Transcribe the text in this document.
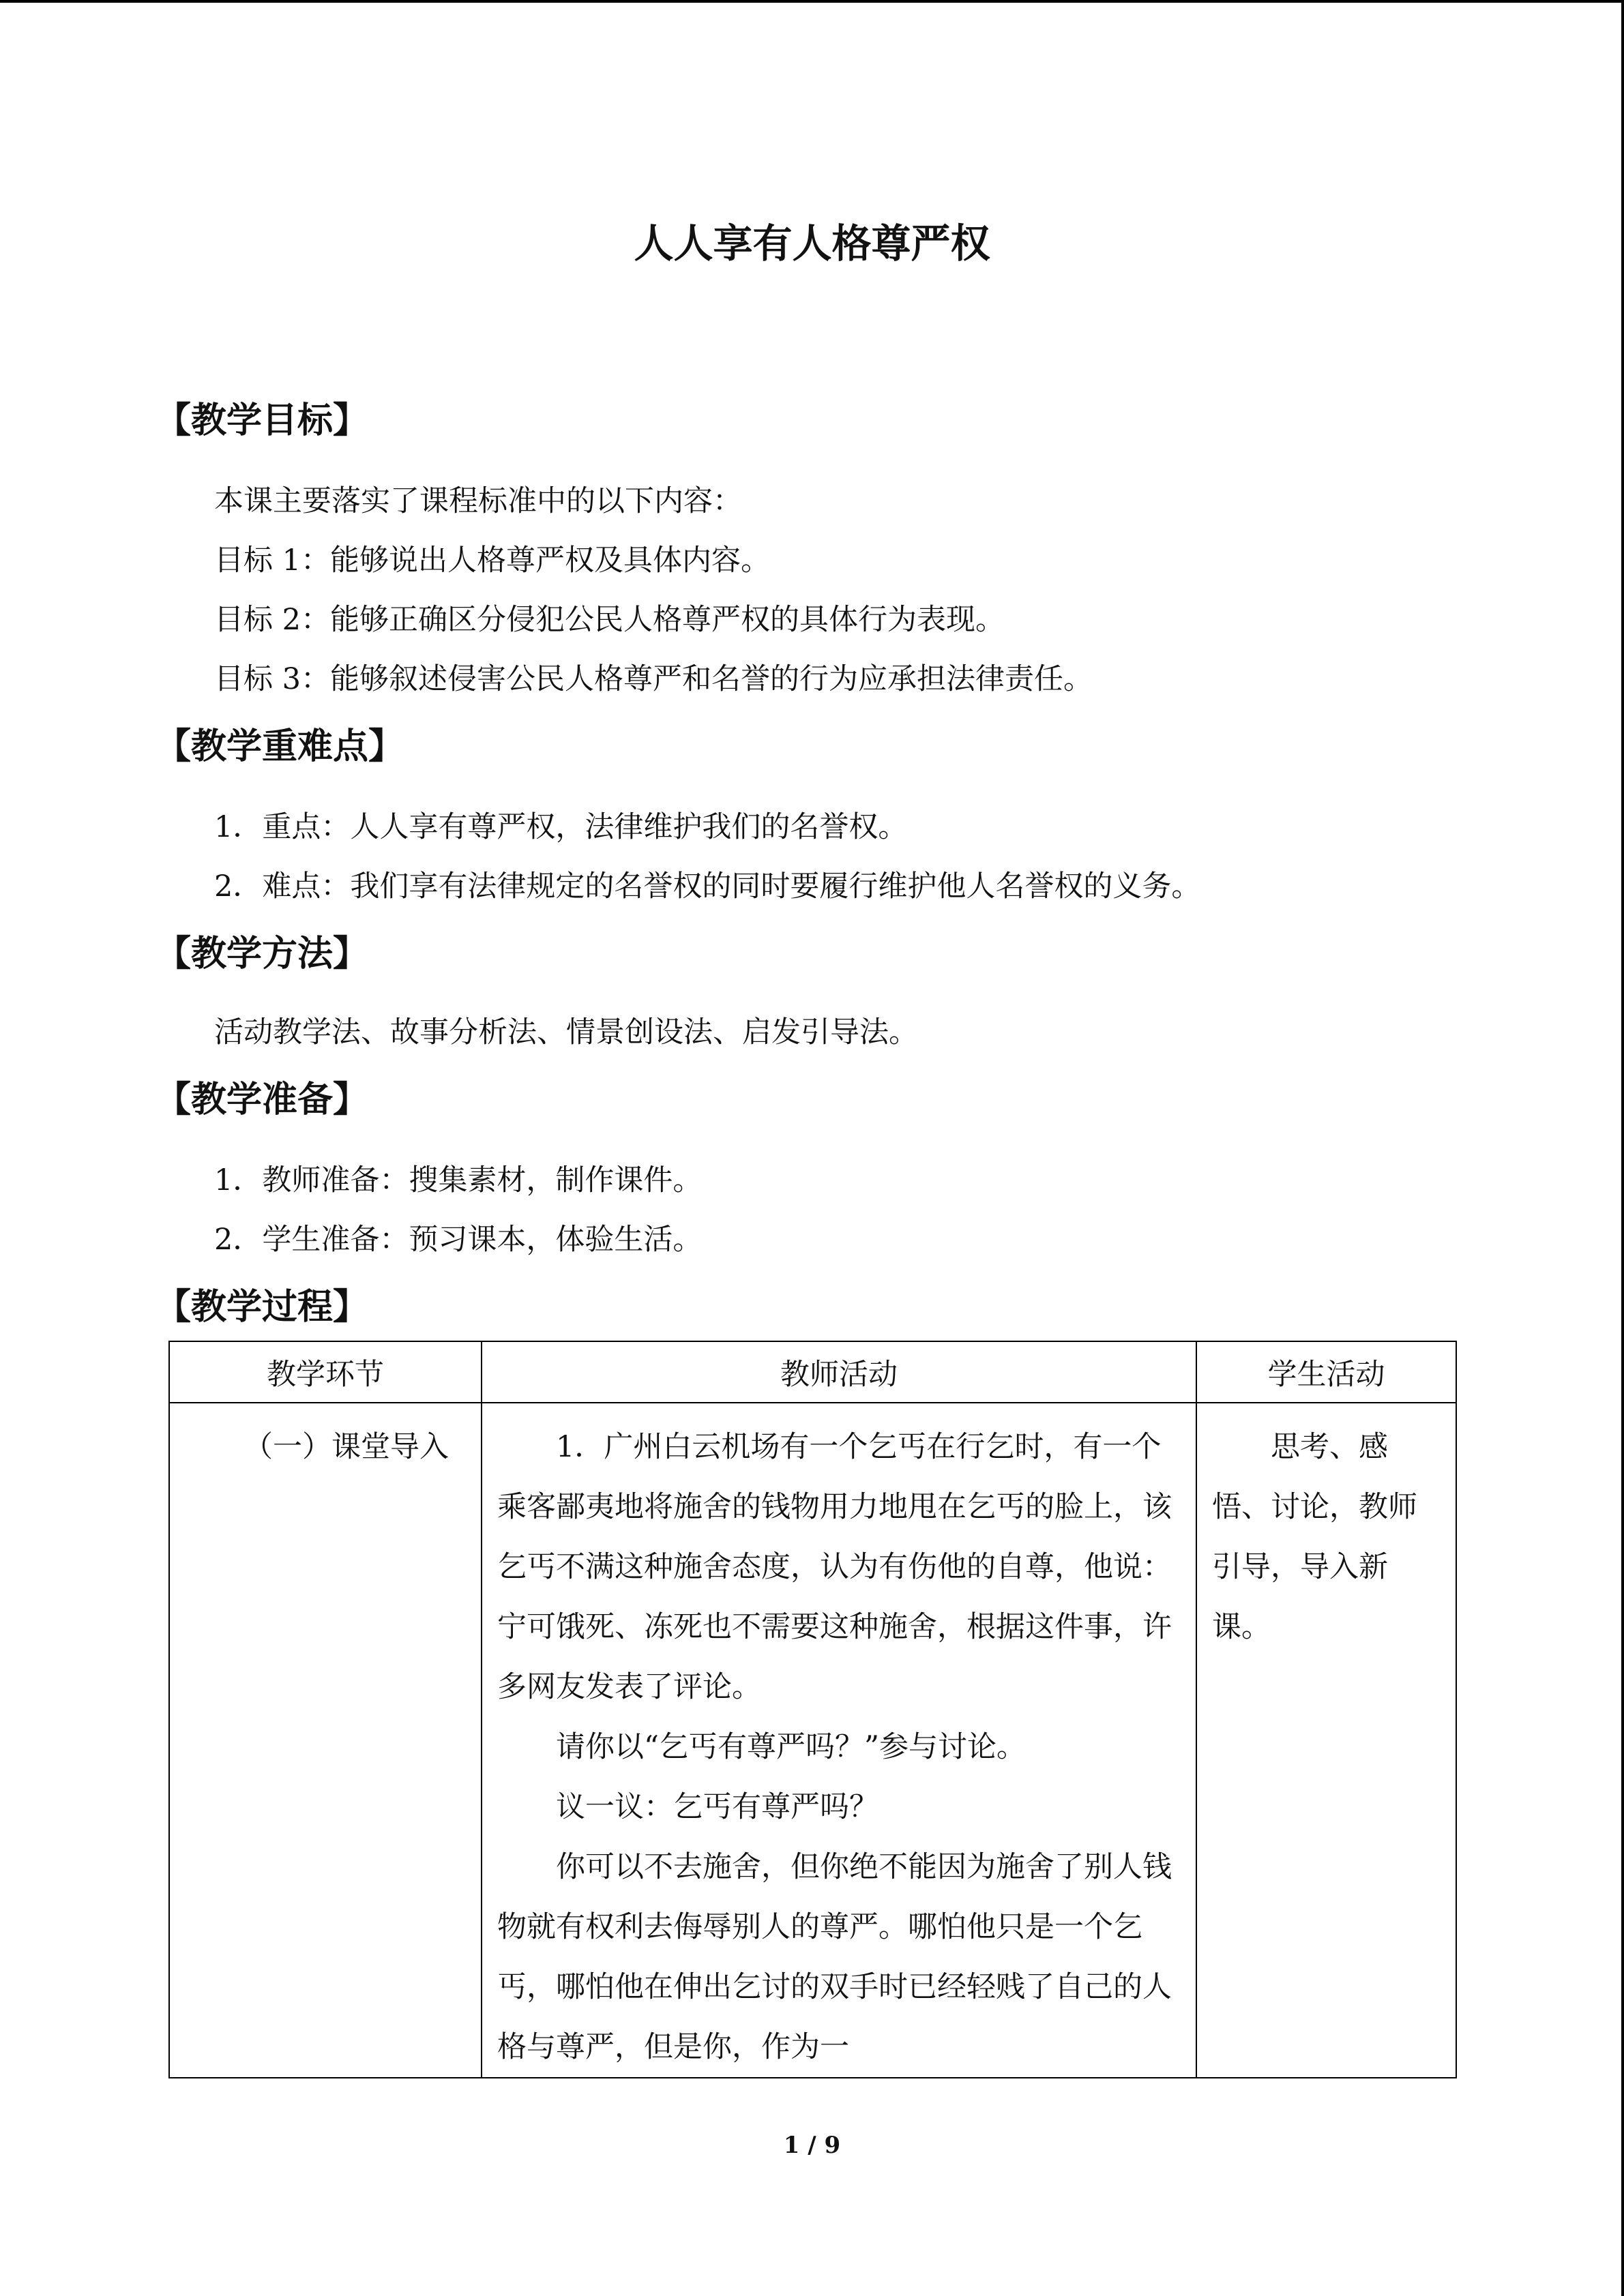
人人享有人格尊严权
【教学目标】
本课主要落实了课程标准中的以下内容：
目标 1：能够说出人格尊严权及具体内容。
目标 2：能够正确区分侵犯公民人格尊严权的具体行为表现。
目标 3：能够叙述侵害公民人格尊严和名誉的行为应承担法律责任。
【教学重难点】
1．重点：人人享有尊严权，法律维护我们的名誉权。
2．难点：我们享有法律规定的名誉权的同时要履行维护他人名誉权的义务。
【教学方法】
活动教学法、故事分析法、情景创设法、启发引导法。
【教学准备】
1．教师准备：搜集素材，制作课件。
2．学生准备：预习课本，体验生活。
【教学过程】
教学环节	教师活动	学生活动

（一）课堂导入	1．广州白云机场有一个乞丐在行乞时，有一个乘客鄙夷地将施舍的钱物用力地甩在乞丐的脸上，该乞丐不满这种施舍态度，认为有伤他的自尊，他说：宁可饿死、冻死也不需要这种施舍，根据这件事，许多网友发表了评论。

请你以“乞丐有尊严吗？”参与讨论。

议一议：乞丐有尊严吗？

你可以不去施舍，但你绝不能因为施舍了别人钱物就有权利去侮辱别人的尊严。哪怕他只是一个乞丐，哪怕他在伸出乞讨的双手时已经轻贱了自己的人格与尊严，但是你，作为一	思考、感悟、讨论，教师引导，导入新课。

1 / 9
